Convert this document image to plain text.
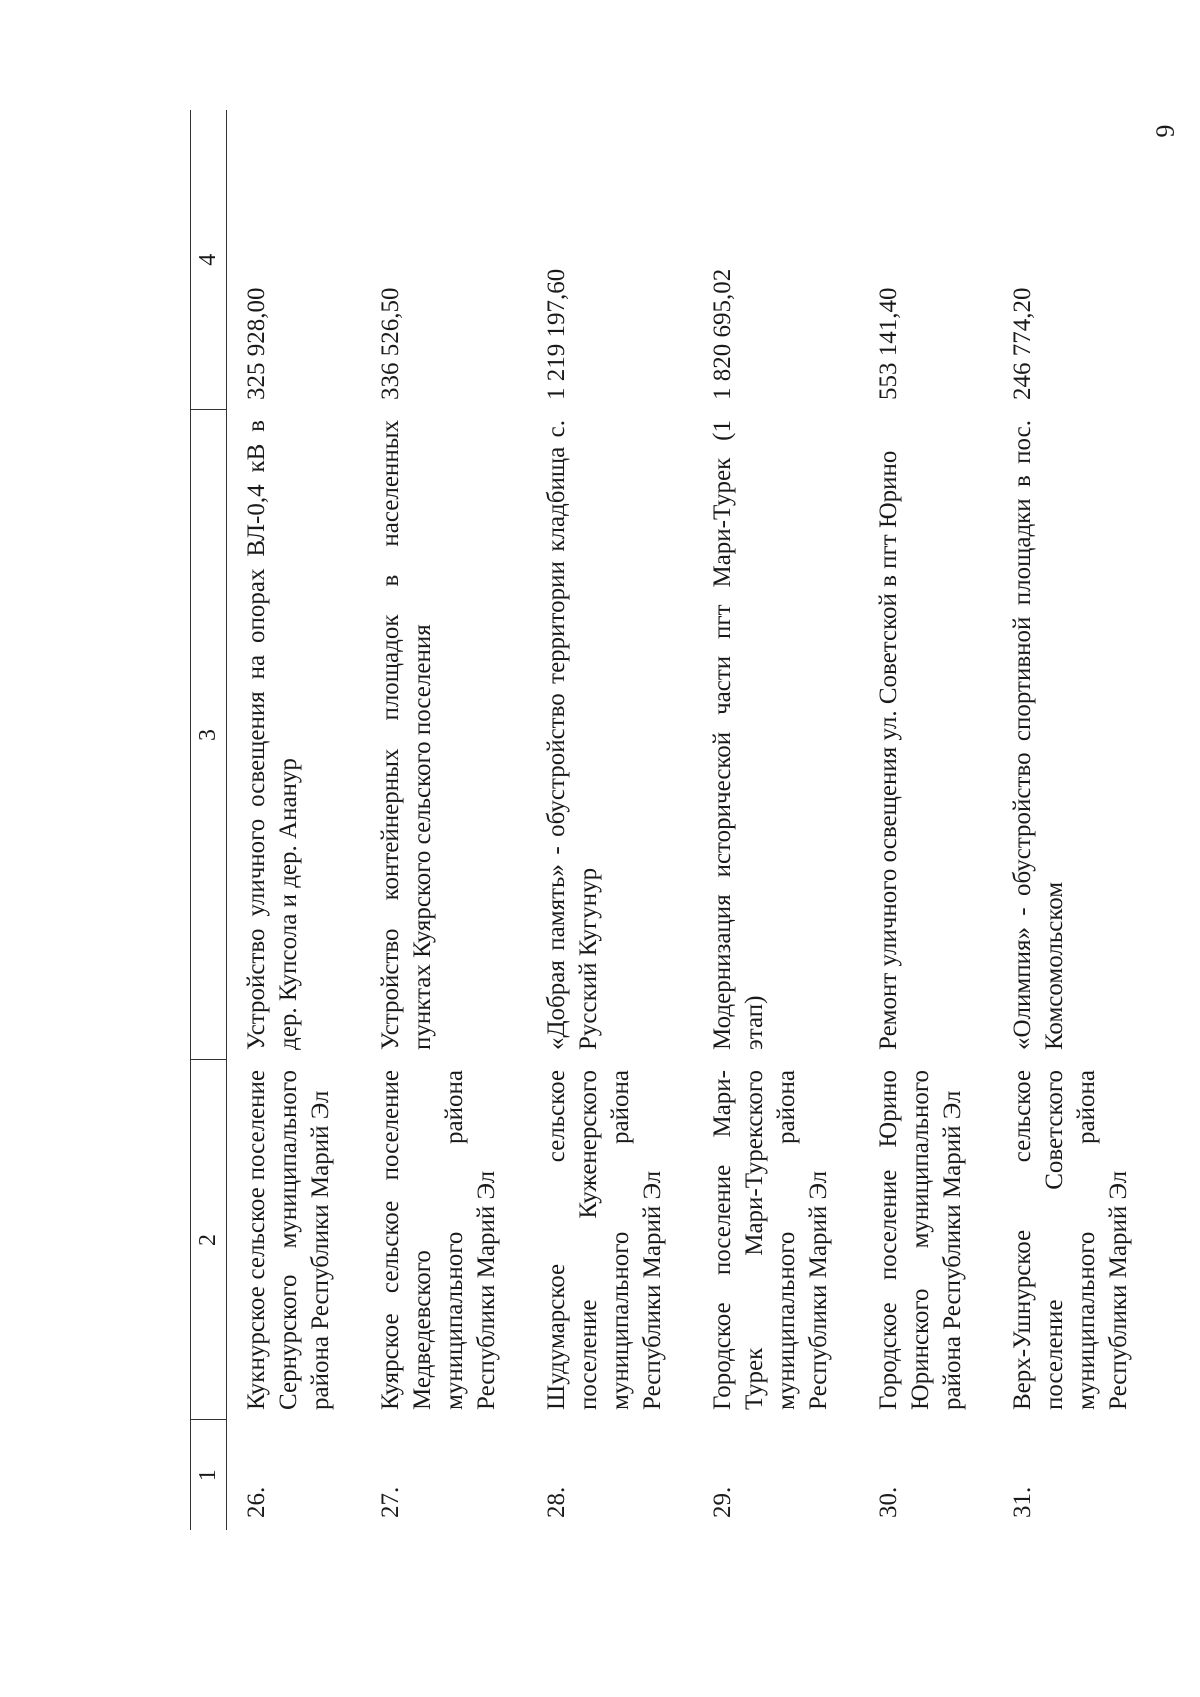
6
1	2	3	4
26.	Кукнурское сельское поселение Сернурского муниципального района Республики Марий Эл	Устройство уличного освещения на опорах ВЛ-0,4 кВ в дер. Купсола и дер. Ананур	325 928,00
27.	Куярское сельское поселение Медведевского муниципального района Республики Марий Эл	Устройство контейнерных площадок в населенных пунктах Куярского сельского поселения	336 526,50
28.	Шудумарское сельское поселение Куженерского муниципального района Республики Марий Эл	«Добрая память» - обустройство территории кладбища с. Русский Кугунур	1 219 197,60
29.	Городское поселение Мари-Турек Мари-Турекского муниципального района Республики Марий Эл	Модернизация исторической части пгт Мари-Турек (1 этап)	1 820 695,02
30.	Городское поселение Юрино Юринского муниципального района Республики Марий Эл	Ремонт уличного освещения ул. Советской в пгт Юрино	553 141,40
31.	Верх-Ушнурское сельское поселение Советского муниципального района Республики Марий Эл	«Олимпия» - обустройство спортивной площадки в пос. Комсомольском	246 774,20
